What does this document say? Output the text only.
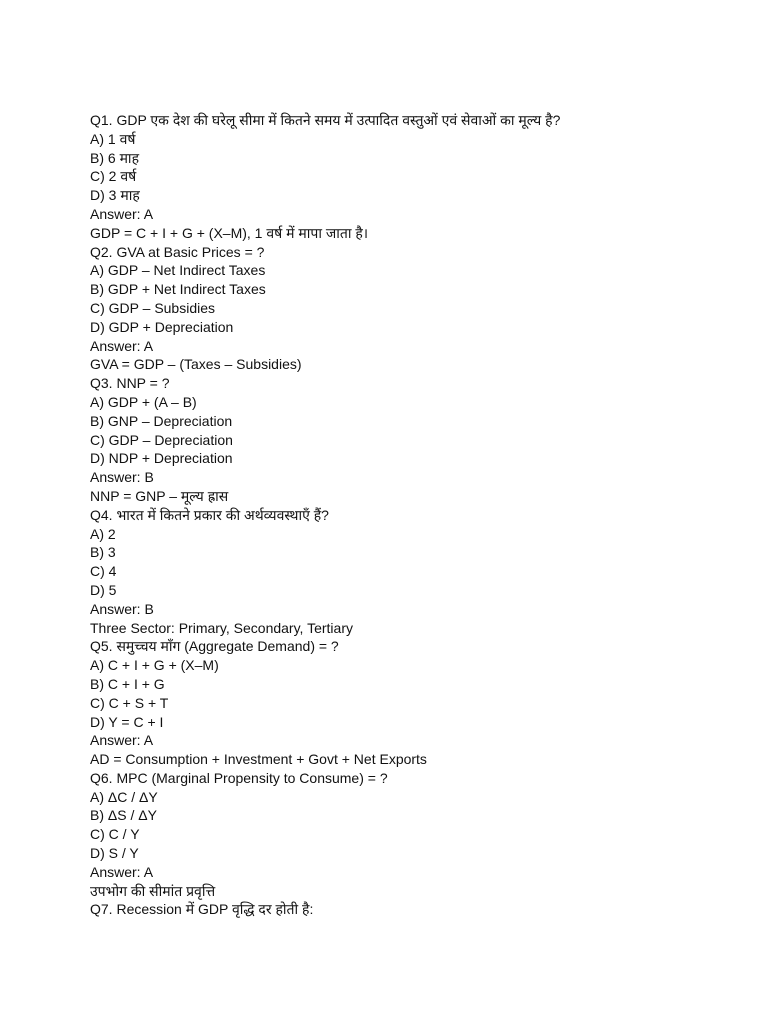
Q1. GDP एक देश की घरेलू सीमा में कितने समय में उत्पादित वस्तुओं एवं सेवाओं का मूल्य है?
A) 1 वर्ष
B) 6 माह
C) 2 वर्ष
D) 3 माह
Answer: A
GDP = C + I + G + (X–M), 1 वर्ष में मापा जाता है।
Q2. GVA at Basic Prices = ?
A) GDP – Net Indirect Taxes
B) GDP + Net Indirect Taxes
C) GDP – Subsidies
D) GDP + Depreciation
Answer: A
GVA = GDP – (Taxes – Subsidies)
Q3. NNP = ?
A) GDP + (A – B)
B) GNP – Depreciation
C) GDP – Depreciation
D) NDP + Depreciation
Answer: B
NNP = GNP – मूल्य ह्रास
Q4. भारत में कितने प्रकार की अर्थव्यवस्थाएँ हैं?
A) 2
B) 3
C) 4
D) 5
Answer: B
Three Sector: Primary, Secondary, Tertiary
Q5. समुच्चय माँग (Aggregate Demand) = ?
A) C + I + G + (X–M)
B) C + I + G
C) C + S + T
D) Y = C + I
Answer: A
AD = Consumption + Investment + Govt + Net Exports
Q6. MPC (Marginal Propensity to Consume) = ?
A) ΔC / ΔY
B) ΔS / ΔY
C) C / Y
D) S / Y
Answer: A
उपभोग की सीमांत प्रवृत्ति
Q7. Recession में GDP वृद्धि दर होती है:
